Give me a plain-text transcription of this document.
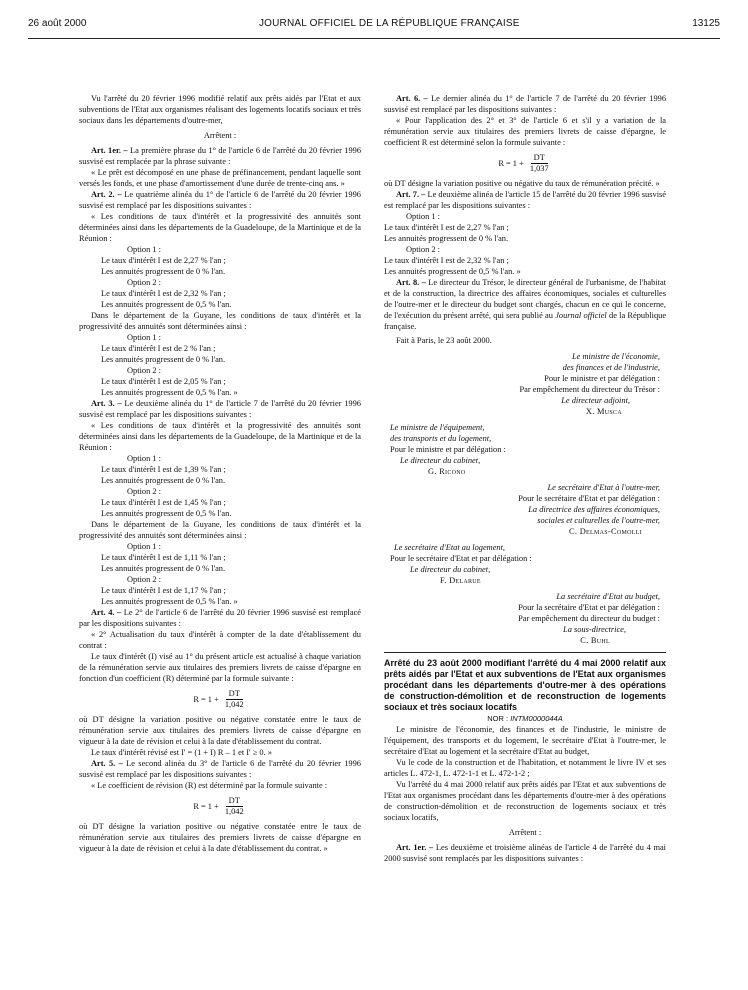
26 août 2000	JOURNAL OFFICIEL DE LA RÉPUBLIQUE FRANÇAISE	13125

Vu l'arrêté du 20 février 1996 modifié relatif aux prêts aidés par l'Etat et aux subventions de l'Etat aux organismes réalisant des logements locatifs sociaux et très sociaux dans les départements d'outre-mer,

Arrêtent :

Art. 1er. – La première phrase du 1° de l'article 6 de l'arrêté du 20 février 1996 susvisé est remplacée par la phrase suivante :

« Le prêt est décomposé en une phase de préfinancement, pendant laquelle sont versés les fonds, et une phase d'amortissement d'une durée de trente-cinq ans. »

Art. 2. – Le quatrième alinéa du 1° de l'article 6 de l'arrêté du 20 février 1996 susvisé est remplacé par les dispositions suivantes :

« Les conditions de taux d'intérêt et la progressivité des annuités sont déterminées ainsi dans les départements de la Guadeloupe, de la Martinique et de la Réunion :

Option 1 :

Le taux d'intérêt I est de 2,27 % l'an ;

Les annuités progressent de 0 % l'an.

Option 2 :

Le taux d'intérêt I est de 2,32 % l'an ;

Les annuités progressent de 0,5 % l'an.

Dans le département de la Guyane, les conditions de taux d'intérêt et la progressivité des annuités sont déterminées ainsi :

Option 1 :

Le taux d'intérêt I est de 2 % l'an ;

Les annuités progressent de 0 % l'an.

Option 2 :

Le taux d'intérêt I est de 2,05 % l'an ;

Les annuités progressent de 0,5 % l'an. »

Art. 3. – Le deuxième alinéa du 1° de l'article 7 de l'arrêté du 20 février 1996 susvisé est remplacé par les dispositions suivantes :

« Les conditions de taux d'intérêt et la progressivité des annuités sont déterminées ainsi dans les départements de la Guadeloupe, de la Martinique et de la Réunion :

Option 1 :

Le taux d'intérêt I est de 1,39 % l'an ;

Les annuités progressent de 0 % l'an.

Option 2 :

Le taux d'intérêt I est de 1,45 % l'an ;

Les annuités progressent de 0,5 % l'an.

Dans le département de la Guyane, les conditions de taux d'intérêt et la progressivité des annuités sont déterminées ainsi :

Option 1 :

Le taux d'intérêt I est de 1,11 % l'an ;

Les annuités progressent de 0 % l'an.

Option 2 :

Le taux d'intérêt I est de 1,17 % l'an ;

Les annuités progressent de 0,5 % l'an. »

Art. 4. – Le 2° de l'article 6 de l'arrêté du 20 février 1996 susvisé est remplacé par les dispositions suivantes :

« 2° Actualisation du taux d'intérêt à compter de la date d'établissement du contrat :

Le taux d'intérêt (I) visé au 1° du présent article est actualisé à chaque variation de la rémunération servie aux titulaires des premiers livrets de caisse d'épargne en fonction d'un coefficient (R) déterminé par la formule suivante :

$R = 1 + \frac{DT}{1,042}$

où DT désigne la variation positive ou négative constatée entre le taux de rémunération servie aux titulaires des premiers livrets de caisse d'épargne en vigueur à la date de révision et celui à la date d'établissement du contrat.

Le taux d'intérêt révisé est I' = (1 + I) R – 1 et I' ≥ 0. »

Art. 5. – Le second alinéa du 3° de l'article 6 de l'arrêté du 20 février 1996 susvisé est remplacé par les dispositions suivantes :

« Le coefficient de révision (R) est déterminé par la formule suivante :

$R = 1 + \frac{DT}{1,042}$

où DT désigne la variation positive ou négative constatée entre le taux de rémunération servie aux titulaires des premiers livrets de caisse d'épargne en vigueur à la date de révision et celui à la date d'établissement du contrat. »

Art. 6. – Le dernier alinéa du 1° de l'article 7 de l'arrêté du 20 février 1996 susvisé est remplacé par les dispositions suivantes :

« Pour l'application des 2° et 3° de l'article 6 et s'il y a variation de la rémunération servie aux titulaires des premiers livrets de caisse d'épargne, le coefficient R est déterminé selon la formule suivante :

$R = 1 + \frac{DT}{1,037}$

où DT désigne la variation positive ou négative du taux de rémunération précité. »

Art. 7. – Le deuxième alinéa de l'article 15 de l'arrêté du 20 février 1996 susvisé est remplacé par les dispositions suivantes :

Option 1 :

Le taux d'intérêt I est de 2,27 % l'an ;

Les annuités progressent de 0 % l'an.

Option 2 :

Le taux d'intérêt I est de 2,32 % l'an ;

Les annuités progressent de 0,5 % l'an. »

Art. 8. – Le directeur du Trésor, le directeur général de l'urbanisme, de l'habitat et de la construction, la directrice des affaires économiques, sociales et culturelles de l'outre-mer et le directeur du budget sont chargés, chacun en ce qui le concerne, de l'exécution du présent arrêté, qui sera publié au Journal officiel de la République française.

Fait à Paris, le 23 août 2000.

Le ministre de l'économie,

des finances et de l'industrie,

Pour le ministre et par délégation :

Par empêchement du directeur du Trésor :

Le directeur adjoint,

X. Musca

Le ministre de l'équipement,

des transports et du logement,

Pour le ministre et par délégation :

Le directeur du cabinet,

G. Ricono

Le secrétaire d'Etat à l'outre-mer,

Pour le secrétaire d'Etat et par délégation :

La directrice des affaires économiques,

sociales et culturelles de l'outre-mer,

C. Delmas-Comolli

Le secrétaire d'Etat au logement,

Pour le secrétaire d'Etat et par délégation :

Le directeur du cabinet,

F. Delarue

La secrétaire d'Etat au budget,

Pour la secrétaire d'Etat et par délégation :

Par empêchement du directeur du budget :

La sous-directrice,

C. Buhl

Arrêté du 23 août 2000 modifiant l'arrêté du 4 mai 2000 relatif aux prêts aidés par l'Etat et aux subventions de l'Etat aux organismes procédant dans les départements d'outre-mer à des opérations de construction-démolition et de reconstruction de logements sociaux et très sociaux locatifs

NOR : INTM0000044A

Le ministre de l'économie, des finances et de l'industrie, le ministre de l'équipement, des transports et du logement, le secrétaire d'Etat à l'outre-mer, le secrétaire d'Etat au logement et la secrétaire d'Etat au budget,

Vu le code de la construction et de l'habitation, et notamment le livre IV et ses articles L. 472-1, L. 472-1-1 et L. 472-1-2 ;

Vu l'arrêté du 4 mai 2000 relatif aux prêts aidés par l'Etat et aux subventions de l'Etat aux organismes procédant dans les départements d'outre-mer à des opérations de construction-démolition et de reconstruction de logements sociaux et très sociaux locatifs,

Arrêtent :

Art. 1er. – Les deuxième et troisième alinéas de l'article 4 de l'arrêté du 4 mai 2000 susvisé sont remplacés par les dispositions suivantes :
